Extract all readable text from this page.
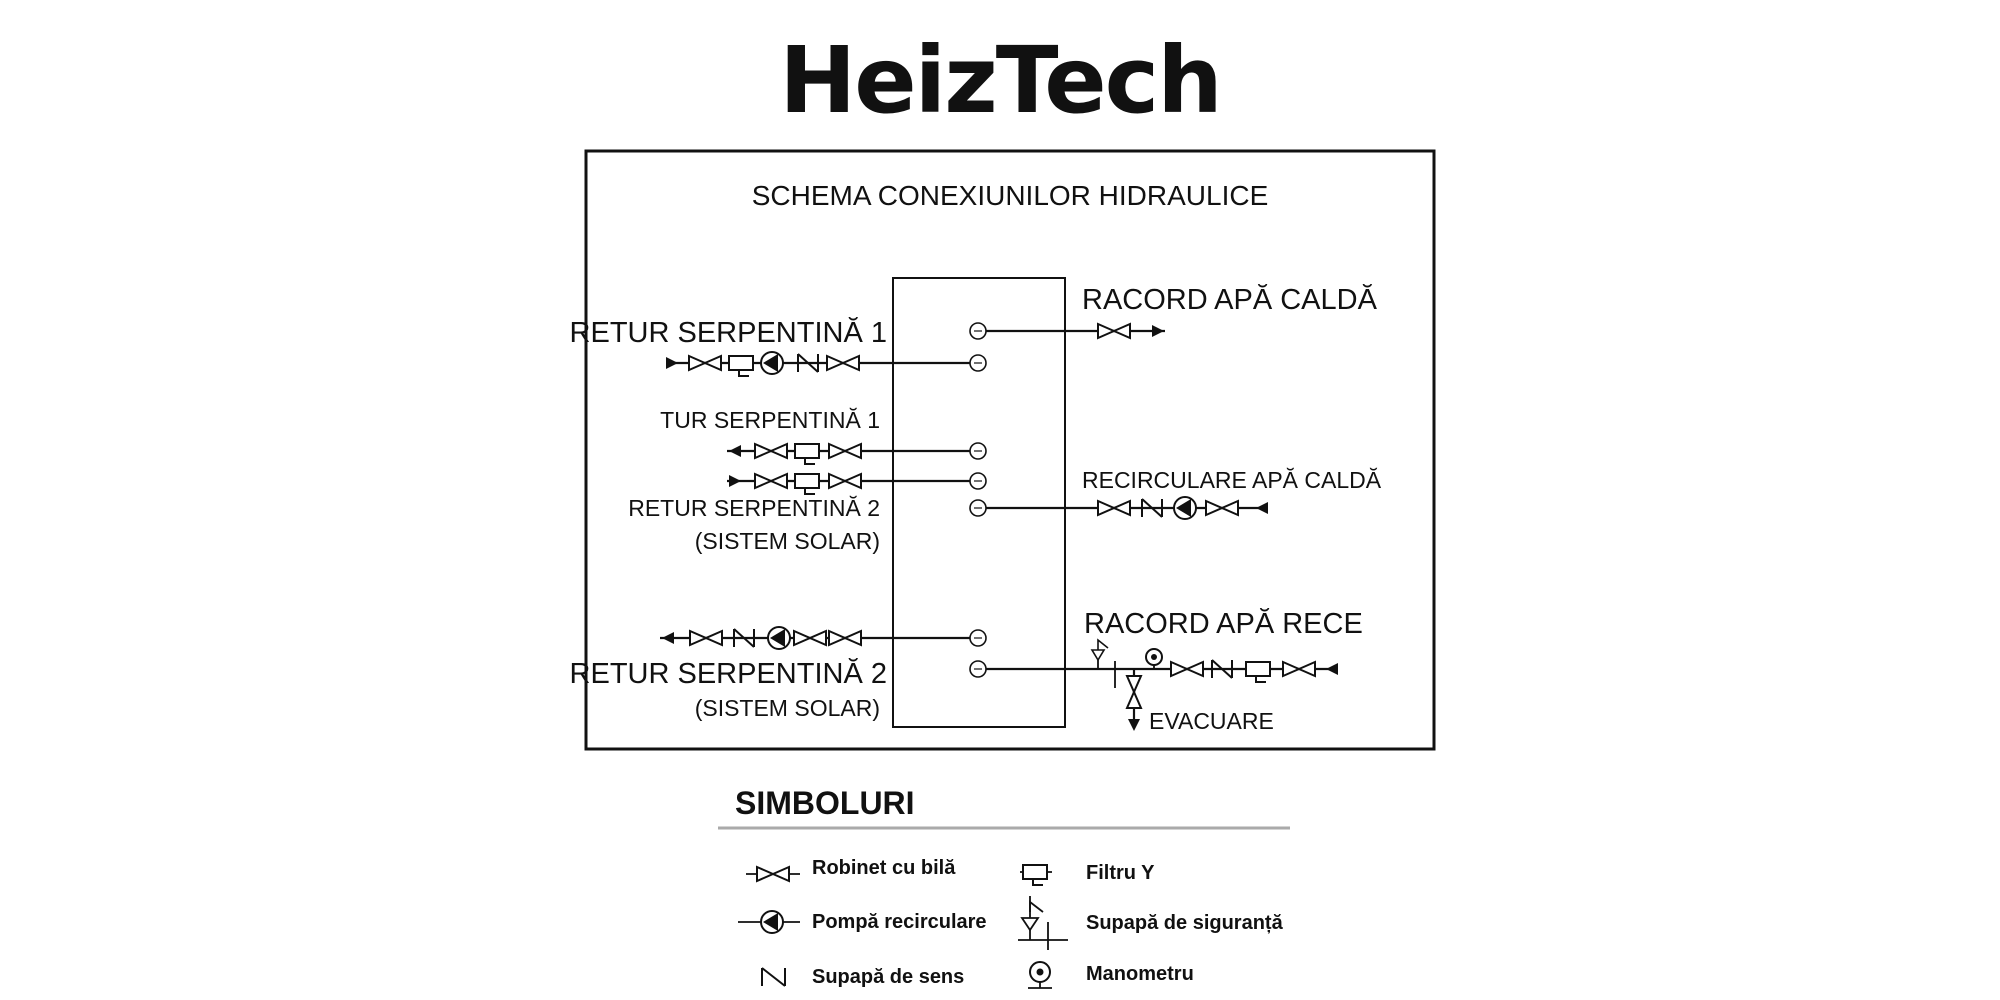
HeizTech
SCHEMA CONEXIUNILOR HIDRAULICE
RETUR SERPENTINĂ 1
TUR SERPENTINĂ 1
RETUR SERPENTINĂ 2
(SISTEM SOLAR)
RETUR SERPENTINĂ 2
(SISTEM SOLAR)
RACORD APĂ CALDĂ
RECIRCULARE APĂ CALDĂ
RACORD APĂ RECE
EVACUARE
SIMBOLURI
Robinet cu bilă
Pompă recirculare
Supapă de sens
Filtru Y
Supapă de siguranță
Manometru
